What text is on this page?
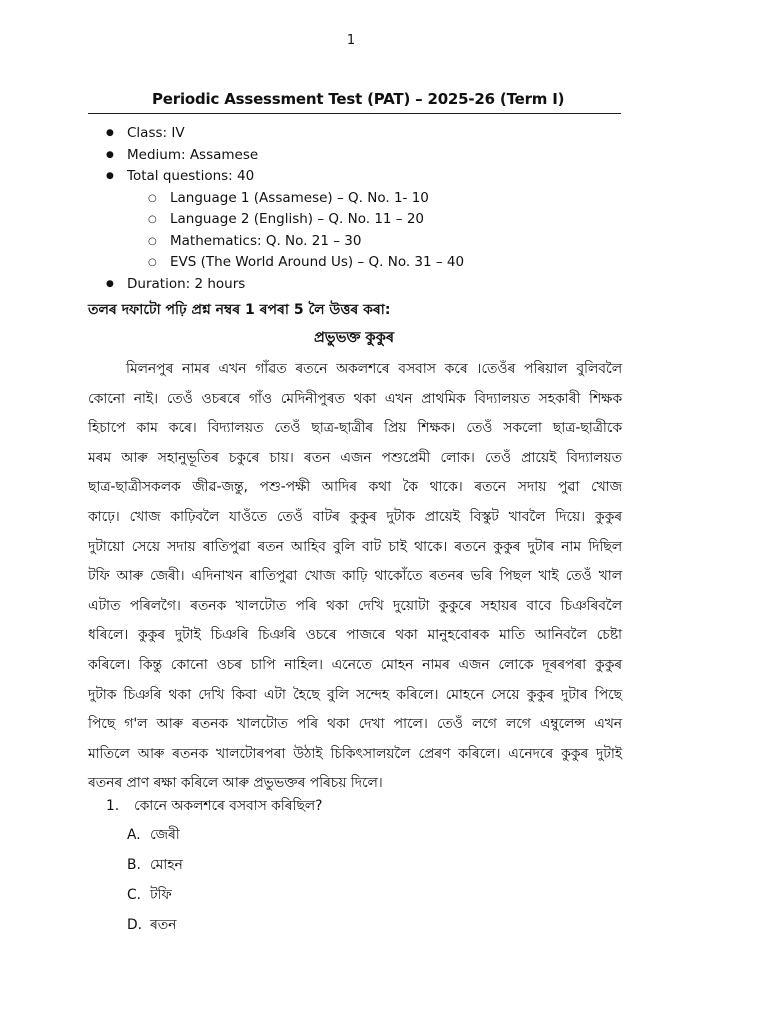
1
Periodic Assessment Test (PAT) – 2025-26 (Term I)
● Class: IV
● Medium: Assamese
● Total questions: 40
○ Language 1 (Assamese) – Q. No. 1- 10
○ Language 2 (English) – Q. No. 11 – 20
○ Mathematics: Q. No. 21 – 30
○ EVS (The World Around Us) – Q. No. 31 – 40
● Duration: 2 hours
তলৰ দফাটো পঢ়ি প্ৰশ্ন নম্বৰ 1 ৰপৰা 5 লৈ উত্তৰ কৰা:
প্ৰভুভক্ত কুকুৰ
মিলনপুৰ নামৰ এখন গাঁৱত ৰতনে অকলশৰে বসবাস কৰে ।তেওঁৰ পৰিয়াল বুলিবলৈ
কোনো নাই। তেওঁ ওচৰৰে গাঁও মেদিনীপুৰত থকা এখন প্ৰাথমিক বিদ্যালয়ত সহকাৰী শিক্ষক
হিচাপে কাম কৰে। বিদ্যালয়ত তেওঁ ছাত্ৰ-ছাত্ৰীৰ প্ৰিয় শিক্ষক। তেওঁ সকলো ছাত্ৰ-ছাত্ৰীকে
মৰম আৰু সহানুভূতিৰ চকুৰে চায়। ৰতন এজন পশুপ্ৰেমী লোক। তেওঁ প্ৰায়েই বিদ্যালয়ত
ছাত্ৰ-ছাত্ৰীসকলক জীৱ-জন্তু, পশু-পক্ষী আদিৰ কথা কৈ থাকে। ৰতনে সদায় পুৱা খোজ
কাঢ়ে। খোজ কাঢ়িবলৈ যাওঁতে তেওঁ বাটৰ কুকুৰ দুটাক প্ৰায়েই বিস্কুট খাবলৈ দিয়ে। কুকুৰ
দুটায়ো সেয়ে সদায় ৰাতিপুৱা ৰতন আহিব বুলি বাট চাই থাকে। ৰতনে কুকুৰ দুটাৰ নাম দিছিল
টফি আৰু জেৰী। এদিনাখন ৰাতিপুৱা খোজ কাঢ়ি থাকোঁতে ৰতনৰ ভৰি পিছল খাই তেওঁ খাল
এটাত পৰিলগৈ। ৰতনক খালটোত পৰি থকা দেখি দুয়োটা কুকুৰে সহায়ৰ বাবে চিঞৰিবলৈ
ধৰিলে। কুকুৰ দুটাই চিঞৰি চিঞৰি ওচৰে পাজৰে থকা মানুহবোৰক মাতি আনিবলৈ চেষ্টা
কৰিলে। কিন্তু কোনো ওচৰ চাপি নাহিল। এনেতে মোহন নামৰ এজন লোকে দূৰৰপৰা কুকুৰ
দুটাক চিঞৰি থকা দেখি কিবা এটা হৈছে বুলি সন্দেহ কৰিলে। মোহনে সেয়ে কুকুৰ দুটাৰ পিছে
পিছে গ'ল আৰু ৰতনক খালটোত পৰি থকা দেখা পালে। তেওঁ লগে লগে এম্বুলেন্স এখন
মাতিলে আৰু ৰতনক খালটোৰপৰা উঠাই চিকিৎসালয়লৈ প্ৰেৰণ কৰিলে। এনেদৰে কুকুৰ দুটাই
ৰতনৰ প্ৰাণ ৰক্ষা কৰিলে আৰু প্ৰভুভক্তৰ পৰিচয় দিলে।
1. কোনে অকলশৰে বসবাস কৰিছিল?
A. জেৰী
B. মোহন
C. টফি
D. ৰতন
